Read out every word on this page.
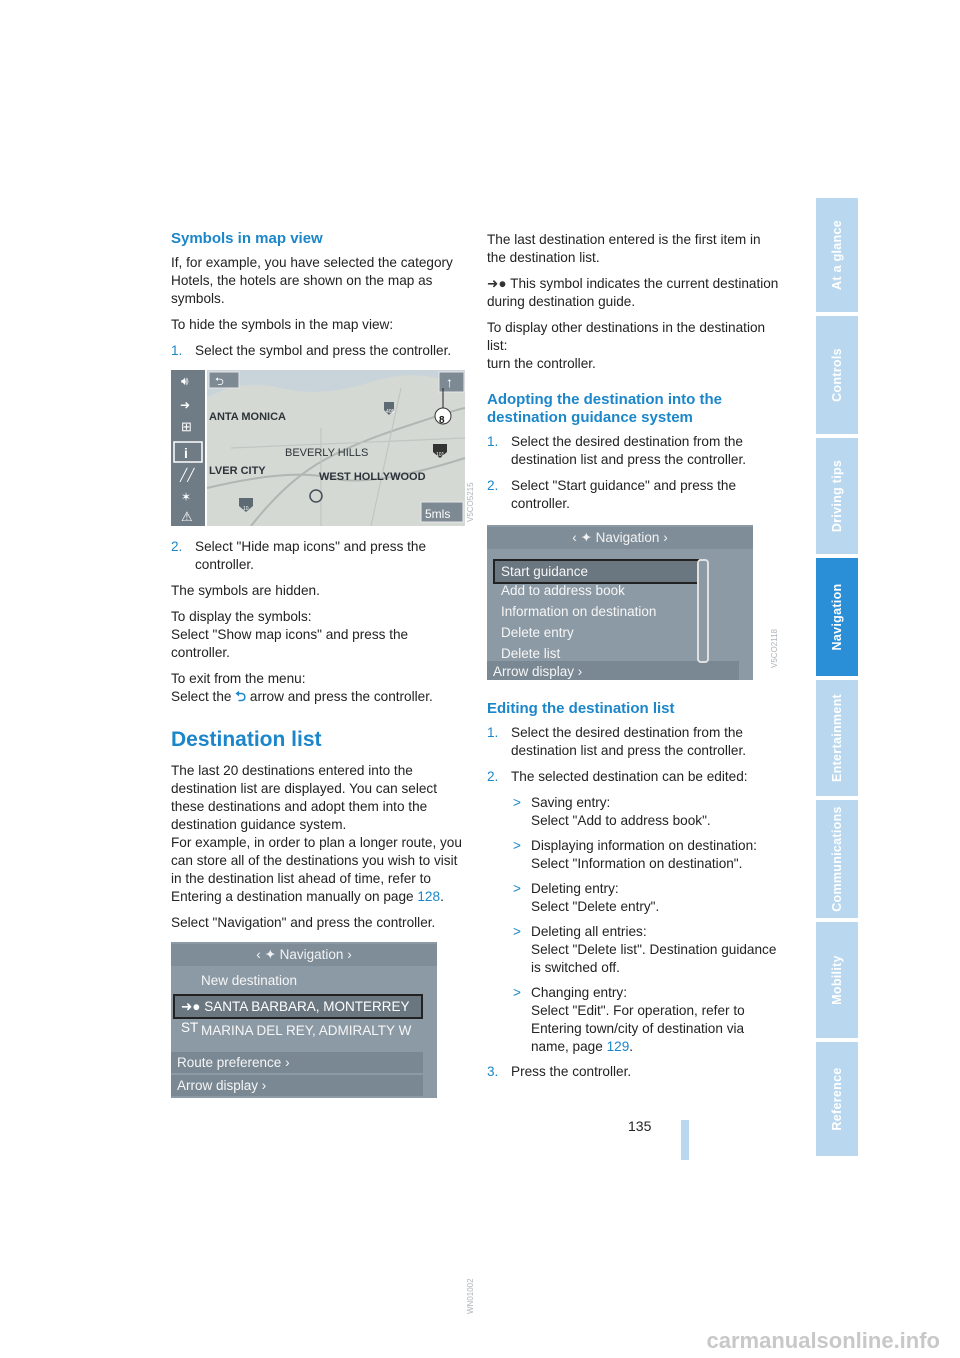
At a glance
Controls
Driving tips
Navigation
Entertainment
Communications
Mobility
Reference
Symbols in map view

If, for example, you have selected the category Hotels, the hotels are shown on the map as symbols.

To hide the symbols in the map view:

1. Select the symbol and press the controller.
ANTA MONICA
BEVERLY HILLS
LVER CITY	WEST HOLLYWOOD
5mls
8
405
101
10
🔊︎
➜
⊞
i
╱╱
✶
⚠
⮌	↑
V5CO5215
2. Select "Hide map icons" and press the controller.

The symbols are hidden.

To display the symbols:
Select "Show map icons" and press the controller.

To exit from the menu:
Select the ⮌ arrow and press the controller.

Destination list

The last 20 destinations entered into the destination list are displayed. You can select these destinations and adopt them into the destination guidance system.

For example, in order to plan a longer route, you can store all of the destinations you wish to visit in the destination list ahead of time, refer to Entering a destination manually on page 128.

Select "Navigation" and press the controller.

‹ ✦ Navigation ›
New destination
➜● SANTA BARBARA, MONTERREY ST MARINA DEL REY, ADMIRALTY W
Route preference ›
Arrow display ›
WN01002

The last destination entered is the first item in the destination list.

➜● This symbol indicates the current destination during destination guide.

To display other destinations in the destination list:
turn the controller.

Adopting the destination into the destination guidance system
1. Select the desired destination from the destination list and press the controller.
2. Select "Start guidance" and press the controller.
‹ ✦ Navigation ›
Start guidance
Add to address book
Information on destination
Delete entry
Delete list
Arrow display ›
Editing the destination list
1. Select the desired destination from the destination list and press the controller.
2. The selected destination can be edited:
> Saving entry:
Select "Add to address book".
> Displaying information on destination:
Select "Information on destination".
> Deleting entry:
Select "Delete entry".
> Deleting all entries:
Select "Delete list". Destination guidance is switched off.
> Changing entry:
Select "Edit". For operation, refer to Entering town/city of destination via name, page 129.
3. Press the controller.
V5CO2118
135
carmanualsonline.info
